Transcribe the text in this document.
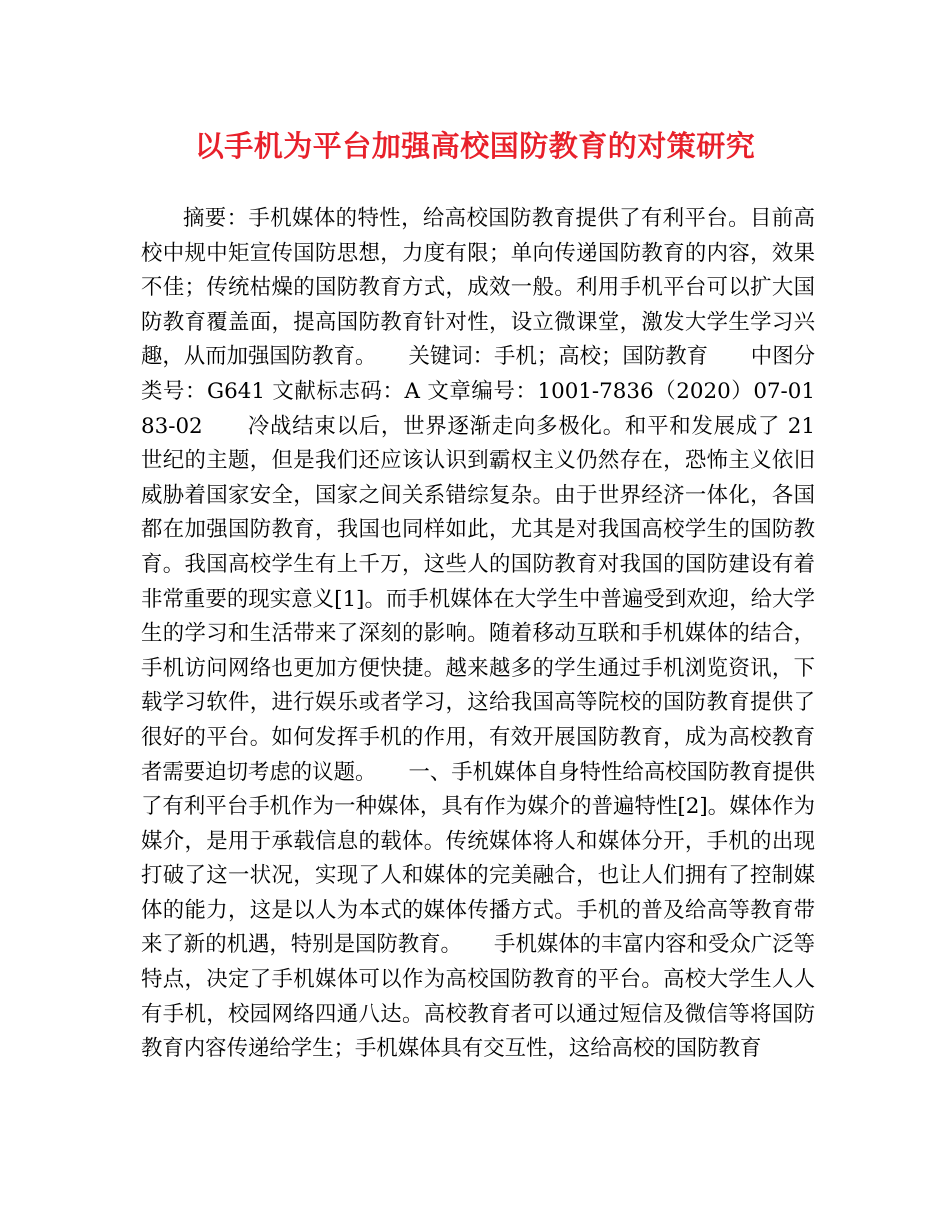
以手机为平台加强高校国防教育的对策研究

摘要：手机媒体的特性，给高校国防教育提供了有利平台。目前高校中规中矩宣传国防思想，力度有限；单向传递国防教育的内容，效果不佳；传统枯燥的国防教育方式，成效一般。利用手机平台可以扩大国防教育覆盖面，提高国防教育针对性，设立微课堂，激发大学生学习兴趣，从而加强国防教育。　　关键词：手机；高校；国防教育　　中图分类号：G641 文献标志码：A 文章编号：1001-7836（2020）07-0183-02　　冷战结束以后，世界逐渐走向多极化。和平和发展成了 21 世纪的主题，但是我们还应该认识到霸权主义仍然存在，恐怖主义依旧威胁着国家安全，国家之间关系错综复杂。由于世界经济一体化，各国都在加强国防教育，我国也同样如此，尤其是对我国高校学生的国防教育。我国高校学生有上千万，这些人的国防教育对我国的国防建设有着非常重要的现实意义[1]。而手机媒体在大学生中普遍受到欢迎，给大学生的学习和生活带来了深刻的影响。随着移动互联和手机媒体的结合，手机访问网络也更加方便快捷。越来越多的学生通过手机浏览资讯，下载学习软件，进行娱乐或者学习，这给我国高等院校的国防教育提供了很好的平台。如何发挥手机的作用，有效开展国防教育，成为高校教育者需要迫切考虑的议题。　　一、手机媒体自身特性给高校国防教育提供了有利平台手机作为一种媒体，具有作为媒介的普遍特性[2]。媒体作为媒介，是用于承载信息的载体。传统媒体将人和媒体分开，手机的出现打破了这一状况，实现了人和媒体的完美融合，也让人们拥有了控制媒体的能力，这是以人为本式的媒体传播方式。手机的普及给高等教育带来了新的机遇，特别是国防教育。　　手机媒体的丰富内容和受众广泛等特点，决定了手机媒体可以作为高校国防教育的平台。高校大学生人人有手机，校园网络四通八达。高校教育者可以通过短信及微信等将国防教育内容传递给学生；手机媒体具有交互性，这给高校的国防教育
